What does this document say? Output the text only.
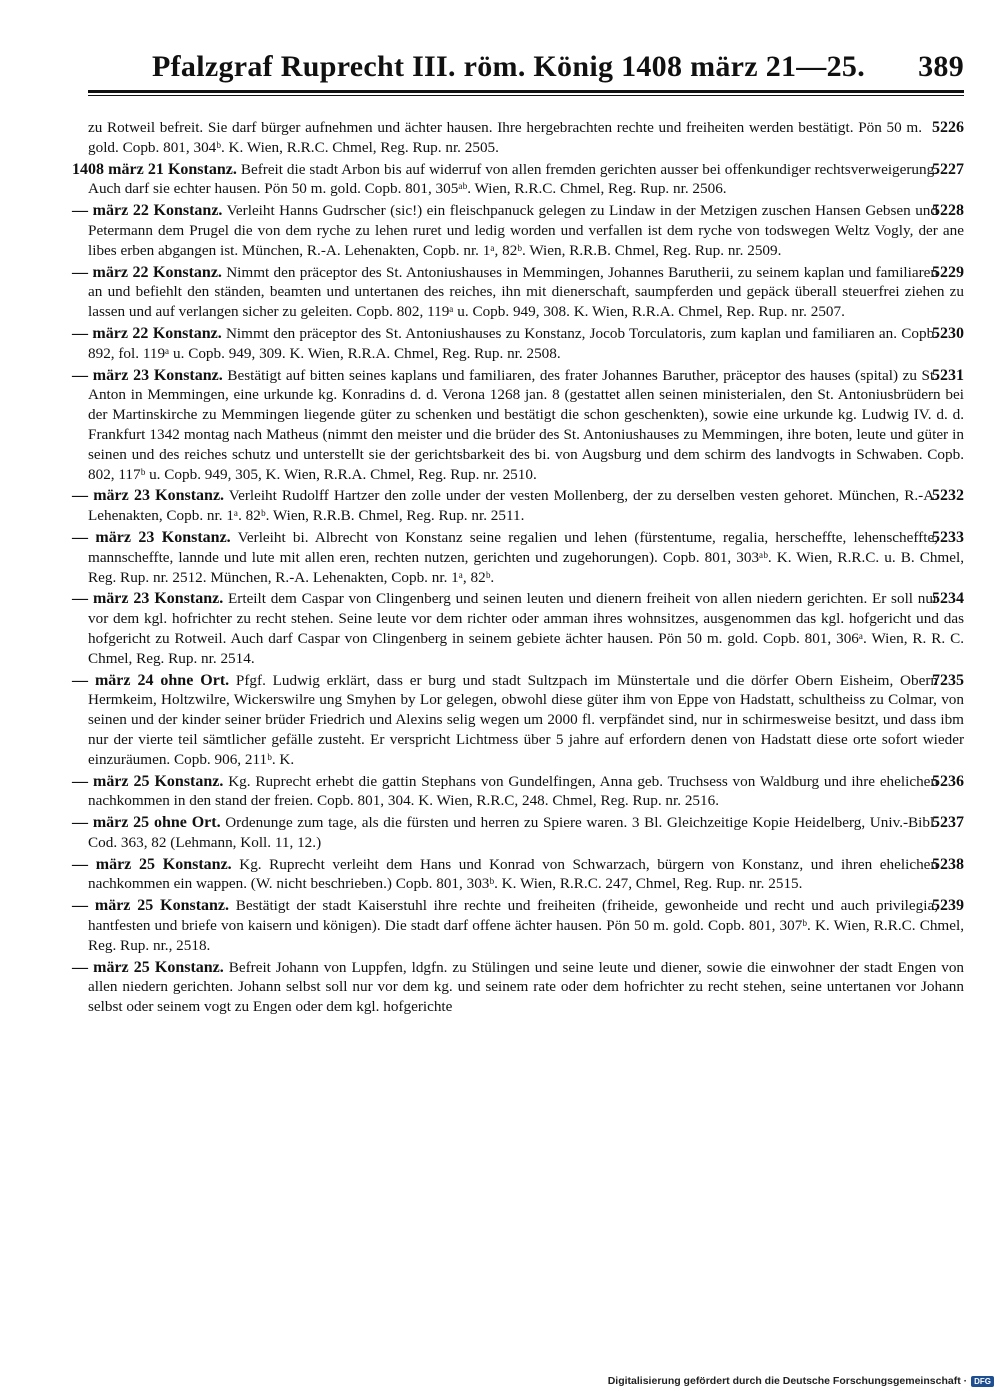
Pfalzgraf Ruprecht III. röm. König 1408 märz 21—25. 389

5226
zu Rotweil befreit. Sie darf bürger aufnehmen und ächter hausen. Ihre hergebrachten rechte und freiheiten werden bestätigt. Pön 50 m. gold. Copb. 801, 304ᵇ. K. Wien, R.R.C. Chmel, Reg. Rup. nr. 2505.

5227
1408 märz 21 Konstanz. Befreit die stadt Arbon bis auf widerruf von allen fremden gerichten ausser bei offenkundiger rechtsverweigerung. Auch darf sie echter hausen. Pön 50 m. gold. Copb. 801, 305ᵃᵇ. Wien, R.R.C. Chmel, Reg. Rup. nr. 2506.

5228
— märz 22 Konstanz. Verleiht Hanns Gudrscher (sic!) ein fleischpanuck gelegen zu Lindaw in der Metzigen zuschen Hansen Gebsen und Petermann dem Prugel die von dem ryche zu lehen ruret und ledig worden und verfallen ist dem ryche von todswegen Weltz Vogly, der ane libes erben abgangen ist. München, R.-A. Lehenakten, Copb. nr. 1ᵃ, 82ᵇ. Wien, R.R.B. Chmel, Reg. Rup. nr. 2509.

5229
— märz 22 Konstanz. Nimmt den präceptor des St. Antoniushauses in Memmingen, Johannes Barutherii, zu seinem kaplan und familiaren an und befiehlt den ständen, beamten und untertanen des reiches, ihn mit dienerschaft, saumpferden und gepäck überall steuerfrei ziehen zu lassen und auf verlangen sicher zu geleiten. Copb. 802, 119ᵃ u. Copb. 949, 308. K. Wien, R.R.A. Chmel, Rep. Rup. nr. 2507.

5230
— märz 22 Konstanz. Nimmt den präceptor des St. Antoniushauses zu Konstanz, Jocob Torculatoris, zum kaplan und familiaren an. Copb. 892, fol. 119ᵃ u. Copb. 949, 309. K. Wien, R.R.A. Chmel, Reg. Rup. nr. 2508.

5231
— märz 23 Konstanz. Bestätigt auf bitten seines kaplans und familiaren, des frater Johannes Baruther, präceptor des hauses (spital) zu St. Anton in Memmingen, eine urkunde kg. Konradins d. d. Verona 1268 jan. 8 (gestattet allen seinen ministerialen, den St. Antoniusbrüdern bei der Martinskirche zu Memmingen liegende güter zu schenken und bestätigt die schon geschenkten), sowie eine urkunde kg. Ludwig IV. d. d. Frankfurt 1342 montag nach Matheus (nimmt den meister und die brüder des St. Antoniushauses zu Memmingen, ihre boten, leute und güter in seinen und des reiches schutz und unterstellt sie der gerichtsbarkeit des bi. von Augsburg und dem schirm des landvogts in Schwaben. Copb. 802, 117ᵇ u. Copb. 949, 305, K. Wien, R.R.A. Chmel, Reg. Rup. nr. 2510.

5232
— märz 23 Konstanz. Verleiht Rudolff Hartzer den zolle under der vesten Mollenberg, der zu derselben vesten gehoret. München, R.-A. Lehenakten, Copb. nr. 1ᵃ. 82ᵇ. Wien, R.R.B. Chmel, Reg. Rup. nr. 2511.

5233
— märz 23 Konstanz. Verleiht bi. Albrecht von Konstanz seine regalien und lehen (fürstentume, regalia, herscheffte, lehenscheffte, mannscheffte, lannde und lute mit allen eren, rechten nutzen, gerichten und zugehorungen). Copb. 801, 303ᵃᵇ. K. Wien, R.R.C. u. B. Chmel, Reg. Rup. nr. 2512. München, R.-A. Lehenakten, Copb. nr. 1ᵃ, 82ᵇ.

5234
— märz 23 Konstanz. Erteilt dem Caspar von Clingenberg und seinen leuten und dienern freiheit von allen niedern gerichten. Er soll nur vor dem kgl. hofrichter zu recht stehen. Seine leute vor dem richter oder amman ihres wohnsitzes, ausgenommen das kgl. hofgericht und das hofgericht zu Rotweil. Auch darf Caspar von Clingenberg in seinem gebiete ächter hausen. Pön 50 m. gold. Copb. 801, 306ᵃ. Wien, R. R. C. Chmel, Reg. Rup. nr. 2514.

7235
— märz 24 ohne Ort. Pfgf. Ludwig erklärt, dass er burg und stadt Sultzpach im Münstertale und die dörfer Obern Eisheim, Obern Hermkeim, Holtzwilre, Wickerswilre ung Smyhen by Lor gelegen, obwohl diese güter ihm von Eppe von Hadstatt, schultheiss zu Colmar, von seinen und der kinder seiner brüder Friedrich und Alexins selig wegen um 2000 fl. verpfändet sind, nur in schirmesweise besitzt, und dass ibm nur der vierte teil sämtlicher gefälle zusteht. Er verspricht Lichtmess über 5 jahre auf erfordern denen von Hadstatt diese orte sofort wieder einzuräumen. Copb. 906, 211ᵇ. K.

5236
— märz 25 Konstanz. Kg. Ruprecht erhebt die gattin Stephans von Gundelfingen, Anna geb. Truchsess von Waldburg und ihre ehelichen nachkommen in den stand der freien. Copb. 801, 304. K. Wien, R.R.C, 248. Chmel, Reg. Rup. nr. 2516.

5237
— märz 25 ohne Ort. Ordenunge zum tage, als die fürsten und herren zu Spiere waren. 3 Bl. Gleichzeitige Kopie Heidelberg, Univ.-Bibl. Cod. 363, 82 (Lehmann, Koll. 11, 12.)

5238
— märz 25 Konstanz. Kg. Ruprecht verleiht dem Hans und Konrad von Schwarzach, bürgern von Konstanz, und ihren ehelichen nachkommen ein wappen. (W. nicht beschrieben.) Copb. 801, 303ᵇ. K. Wien, R.R.C. 247, Chmel, Reg. Rup. nr. 2515.

5239
— märz 25 Konstanz. Bestätigt der stadt Kaiserstuhl ihre rechte und freiheiten (friheide, gewonheide und recht und auch privilegia, hantfesten und briefe von kaisern und königen). Die stadt darf offene ächter hausen. Pön 50 m. gold. Copb. 801, 307ᵇ. K. Wien, R.R.C. Chmel, Reg. Rup. nr., 2518.

— märz 25 Konstanz. Befreit Johann von Luppfen, ldgfn. zu Stülingen und seine leute und diener, sowie die einwohner der stadt Engen von allen niedern gerichten. Johann selbst soll nur vor dem kg. und seinem rate oder dem hofrichter zu recht stehen, seine untertanen vor Johann selbst oder seinem vogt zu Engen oder dem kgl. hofgerichte

Digitalisierung gefördert durch die Deutsche Forschungsgemeinschaft · DFG
